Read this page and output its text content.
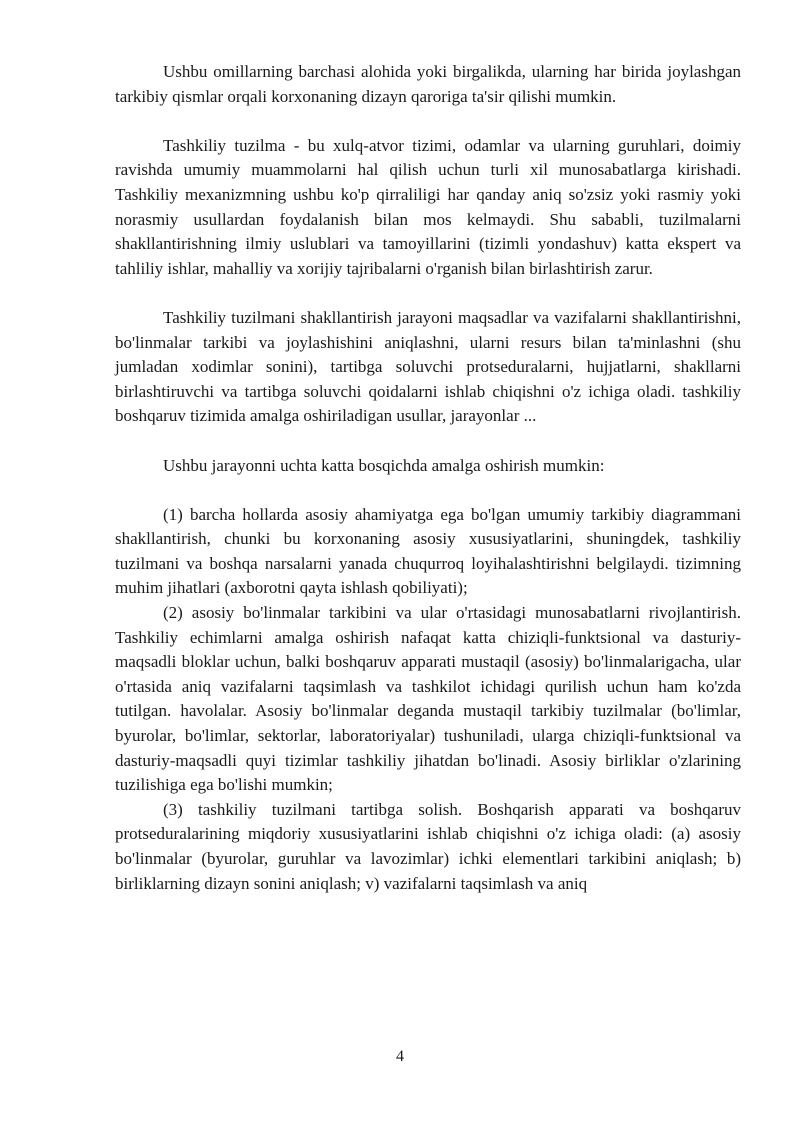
Ushbu omillarning barchasi alohida yoki birgalikda, ularning har birida joylashgan tarkibiy qismlar orqali korxonaning dizayn qaroriga ta'sir qilishi mumkin.

Tashkiliy tuzilma - bu xulq-atvor tizimi, odamlar va ularning guruhlari, doimiy ravishda umumiy muammolarni hal qilish uchun turli xil munosabatlarga kirishadi. Tashkiliy mexanizmning ushbu ko'p qirraliligi har qanday aniq so'zsiz yoki rasmiy yoki norasmiy usullardan foydalanish bilan mos kelmaydi. Shu sababli, tuzilmalarni shakllantirishning ilmiy uslublari va tamoyillarini (tizimli yondashuv) katta ekspert va tahliliy ishlar, mahalliy va xorijiy tajribalarni o'rganish bilan birlashtirish zarur.

Tashkiliy tuzilmani shakllantirish jarayoni maqsadlar va vazifalarni shakllantirishni, bo'linmalar tarkibi va joylashishini aniqlashni, ularni resurs bilan ta'minlashni (shu jumladan xodimlar sonini), tartibga soluvchi protseduralarni, hujjatlarni, shakllarni birlashtiruvchi va tartibga soluvchi qoidalarni ishlab chiqishni o'z ichiga oladi. tashkiliy boshqaruv tizimida amalga oshiriladigan usullar, jarayonlar ...

Ushbu jarayonni uchta katta bosqichda amalga oshirish mumkin:

(1) barcha hollarda asosiy ahamiyatga ega bo'lgan umumiy tarkibiy diagrammani shakllantirish, chunki bu korxonaning asosiy xususiyatlarini, shuningdek, tashkiliy tuzilmani va boshqa narsalarni yanada chuqurroq loyihalashtirishni belgilaydi. tizimning muhim jihatlari (axborotni qayta ishlash qobiliyati);

(2) asosiy bo'linmalar tarkibini va ular o'rtasidagi munosabatlarni rivojlantirish. Tashkiliy echimlarni amalga oshirish nafaqat katta chiziqli-funktsional va dasturiy-maqsadli bloklar uchun, balki boshqaruv apparati mustaqil (asosiy) bo'linmalarigacha, ular o'rtasida aniq vazifalarni taqsimlash va tashkilot ichidagi qurilish uchun ham ko'zda tutilgan. havolalar. Asosiy bo'linmalar deganda mustaqil tarkibiy tuzilmalar (bo'limlar, byurolar, bo'limlar, sektorlar, laboratoriyalar) tushuniladi, ularga chiziqli-funktsional va dasturiy-maqsadli quyi tizimlar tashkiliy jihatdan bo'linadi. Asosiy birliklar o'zlarining tuzilishiga ega bo'lishi mumkin;

(3) tashkiliy tuzilmani tartibga solish. Boshqarish apparati va boshqaruv protseduralarining miqdoriy xususiyatlarini ishlab chiqishni o'z ichiga oladi: (a) asosiy bo'linmalar (byurolar, guruhlar va lavozimlar) ichki elementlari tarkibini aniqlash; b) birliklarning dizayn sonini aniqlash; v) vazifalarni taqsimlash va aniq

4
